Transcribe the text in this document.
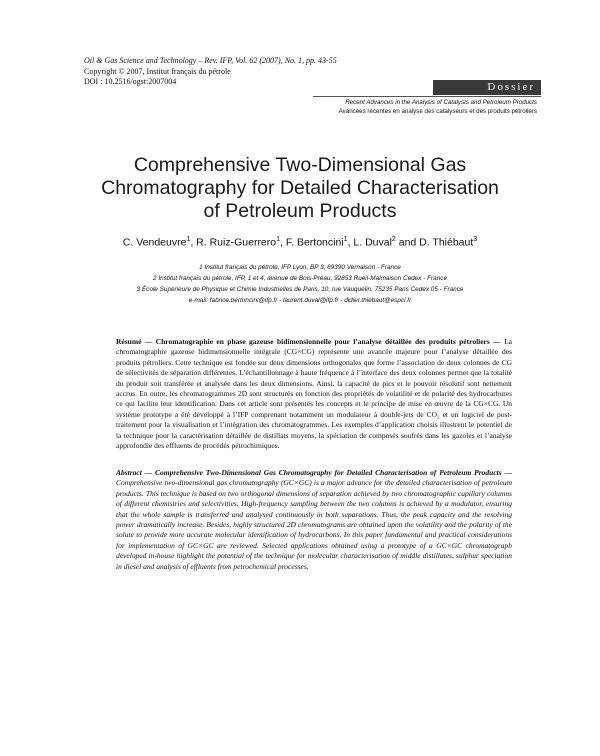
Oil & Gas Science and Technology – Rev. IFP, Vol. 62 (2007), No. 1, pp. 43-55
Copyright © 2007, Institut français du pétrole
DOI : 10.2516/ogst:2007004	Dossier
Recent Advances in the Analysis of Catalysts and Petroleum Products
Avancées récentes en analyse des catalyseurs et des produits pétroliers
Comprehensive Two-Dimensional Gas
Chromatography for Detailed Characterisation
of Petroleum Products
C. Vendeuvre$^1$, R. Ruiz-Guerrero$^1$, F. Bertoncini$^1$, L. Duval$^2$ and D. Thiébaut$^3$
1 Institut français du pétrole, IFP Lyon, BP 3, 69390 Vernaison - France
2 Institut français du pétrole, IFP, 1 et 4, avenue de Bois-Préau, 92853 Rueil-Malmaison Cedex - France
3 École Supérieure de Physique et Chimie Industrielles de Paris, 10, rue Vauquelin, 75235 Paris Cedex 05 - France
e-mail: fabrice.bertoncini@ifp.fr - laurent.duval@ifp.fr - didier.thiebaut@espci.fr
Résumé — Chromatographie en phase gazeuse bidimensionnelle pour l’analyse détaillée des produits pétroliers — La chromatographie gazeuse bidimensionnelle intégrale (CG×CG) représente une avancée majeure pour l’analyse détaillée des produits pétroliers. Cette technique est fondée sur deux dimensions orthogonales que forme l’association de deux colonnes de CG de sélectivités de séparation différentes. L’échantillonnage à haute fréquence à l’interface des deux colonnes permet que la totalité du produit soit transférée et analysée dans les deux dimensions. Ainsi, la capacité de pics et le pouvoir résolutif sont nettement accrus. En outre, les chromatogrammes 2D sont structurés en fonction des propriétés de volatilité et de polarité des hydrocarbures ce qui facilite leur identification. Dans cet article sont présentés les concepts et le principe de mise en œuvre de la CG×CG. Un système prototype a été développé à l’IFP comprenant notamment un modulateur à double-jets de CO₂ et un logiciel de post-traitement pour la visualisation et l’intégration des chromatogrammes. Les exemples d’application choisis illustrent le potentiel de la technique pour la caractérisation détaillée de distillats moyens, la spéciation de composés soufrés dans les gazoles et l’analyse approfondie des effluents de procédés pétrochimiques.
Abstract — Comprehensive Two-Dimensional Gas Chromatography for Detailed Characterisation of Petroleum Products — Comprehensive two-dimensional gas chromatography (GC×GC) is a major advance for the detailed characterisation of petroleum products. This technique is based on two orthogonal dimensions of separation achieved by two chromatographic capillary columns of different chemistries and selectivities. High-frequency sampling between the two columns is achieved by a modulator, ensuring that the whole sample is transferred and analysed continuously in both separations. Thus, the peak capacity and the resolving power dramatically increase. Besides, highly structured 2D chromatograms are obtained upon the volatility and the polarity of the solute to provide more accurate molecular identification of hydrocarbons. In this paper fundamental and practical considerations for implementation of GC×GC are reviewed. Selected applications obtained using a prototype of a GC×GC chromatograph developed in-house highlight the potential of the technique for molecular characterisation of middle distillates, sulphur speciation in diesel and analysis of effluents from petrochemical processes.
